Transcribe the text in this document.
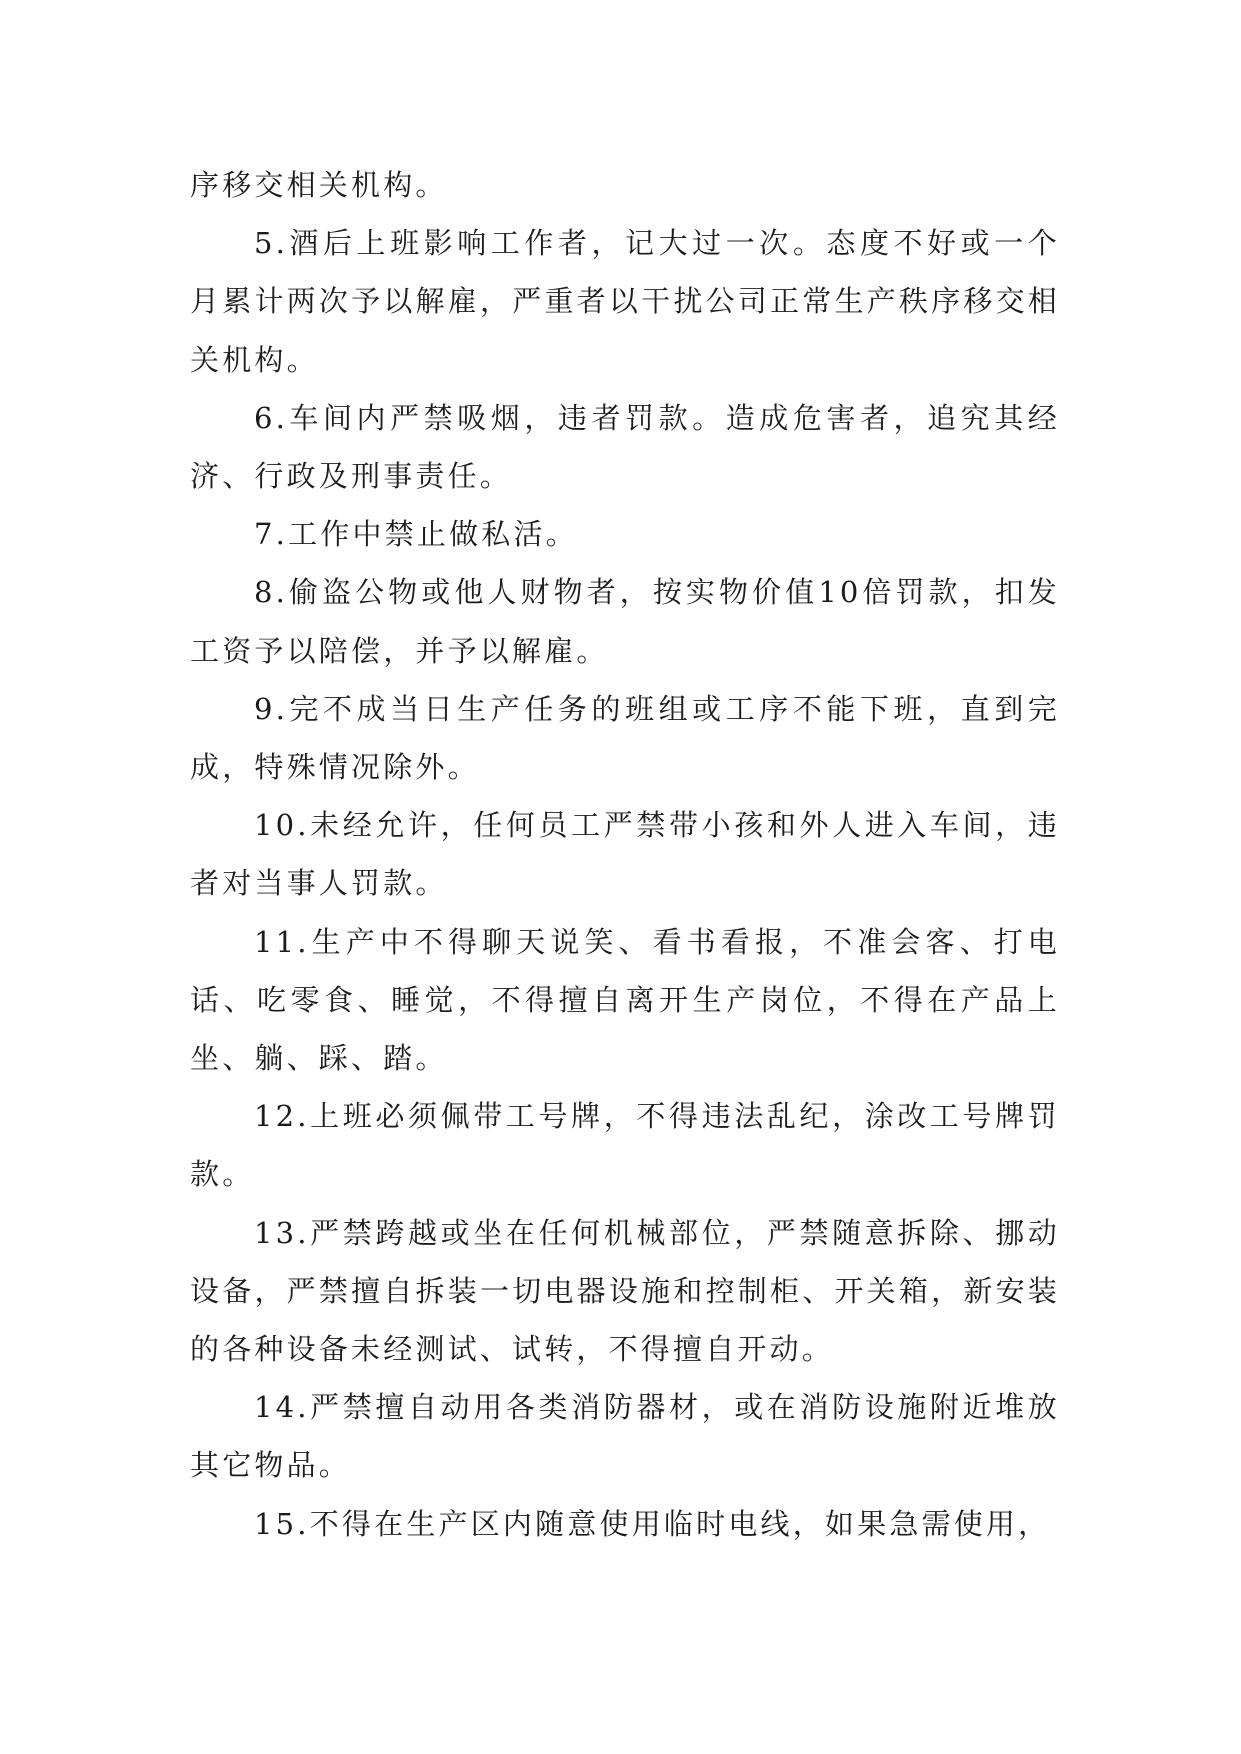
序移交相关机构。

5.酒后上班影响工作者，记大过一次。态度不好或一个月累计两次予以解雇，严重者以干扰公司正常生产秩序移交相关机构。

6.车间内严禁吸烟，违者罚款。造成危害者，追究其经济、行政及刑事责任。

7.工作中禁止做私活。

8.偷盗公物或他人财物者，按实物价值10倍罚款，扣发工资予以陪偿，并予以解雇。

9.完不成当日生产任务的班组或工序不能下班，直到完成，特殊情况除外。

10.未经允许，任何员工严禁带小孩和外人进入车间，违者对当事人罚款。

11.生产中不得聊天说笑、看书看报，不准会客、打电话、吃零食、睡觉，不得擅自离开生产岗位，不得在产品上坐、躺、踩、踏。

12.上班必须佩带工号牌，不得违法乱纪，涂改工号牌罚款。

13.严禁跨越或坐在任何机械部位，严禁随意拆除、挪动设备，严禁擅自拆装一切电器设施和控制柜、开关箱，新安装的各种设备未经测试、试转，不得擅自开动。

14.严禁擅自动用各类消防器材，或在消防设施附近堆放其它物品。

15.不得在生产区内随意使用临时电线，如果急需使用，
